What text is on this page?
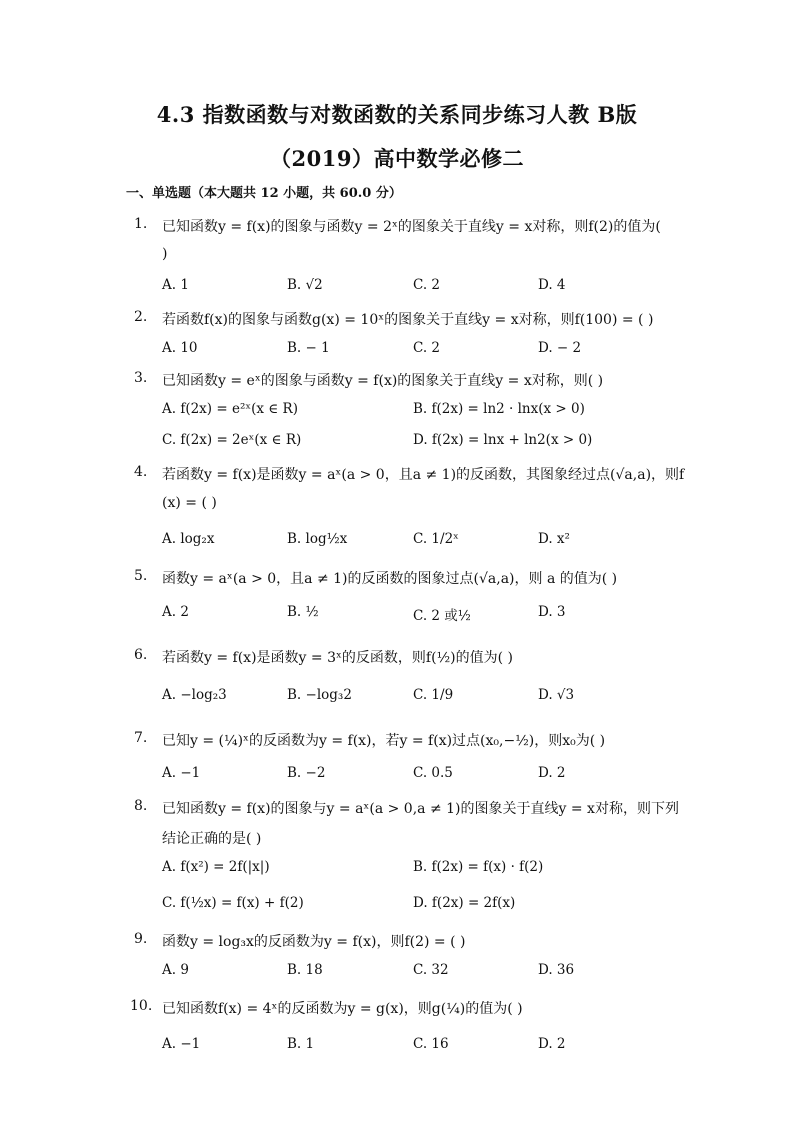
4.3 指数函数与对数函数的关系同步练习人教 B版
（2019）高中数学必修二
一、单选题（本大题共 12 小题，共 60.0 分）
1. 已知函数y = f(x)的图象与函数y = 2ˣ的图象关于直线y = x对称，则f(2)的值为(
)
A. 1	B. √2	C. 2	D. 4
2. 若函数f(x)的图象与函数g(x) = 10ˣ的图象关于直线y = x对称，则f(100) = ( )
A. 10	B. − 1	C. 2	D. − 2
3. 已知函数y = eˣ的图象与函数y = f(x)的图象关于直线y = x对称，则( )
A. f(2x) = e²ˣ(x ∈ R)	B. f(2x) = ln2 · lnx(x > 0)
C. f(2x) = 2eˣ(x ∈ R)	D. f(2x) = lnx + ln2(x > 0)
4. 若函数y = f(x)是函数y = aˣ(a > 0，且a ≠ 1)的反函数，其图象经过点(√a,a)，则f
(x) = ( )
A. log₂x	B. log½x	C. 1/2ˣ	D. x²
5. 函数y = aˣ(a > 0，且a ≠ 1)的反函数的图象过点(√a,a)，则 a 的值为( )
A. 2	B. ½	C. 2 或½	D. 3
6. 若函数y = f(x)是函数y = 3ˣ的反函数，则f(½)的值为( )
A. −log₂3	B. −log₃2	C. 1/9	D. √3
7. 已知y = (¼)ˣ的反函数为y = f(x)，若y = f(x)过点(x₀,−½)，则x₀为( )
A. −1	B. −2	C. 0.5	D. 2
8. 已知函数y = f(x)的图象与y = aˣ(a > 0,a ≠ 1)的图象关于直线y = x对称，则下列
结论正确的是( )
A. f(x²) = 2f(|x|)	B. f(2x) = f(x) · f(2)
C. f(½x) = f(x) + f(2)	D. f(2x) = 2f(x)
9. 函数y = log₃x的反函数为y = f(x)，则f(2) = ( )
A. 9	B. 18	C. 32	D. 36
10. 已知函数f(x) = 4ˣ的反函数为y = g(x)，则g(¼)的值为( )
A. −1	B. 1	C. 16	D. 2
